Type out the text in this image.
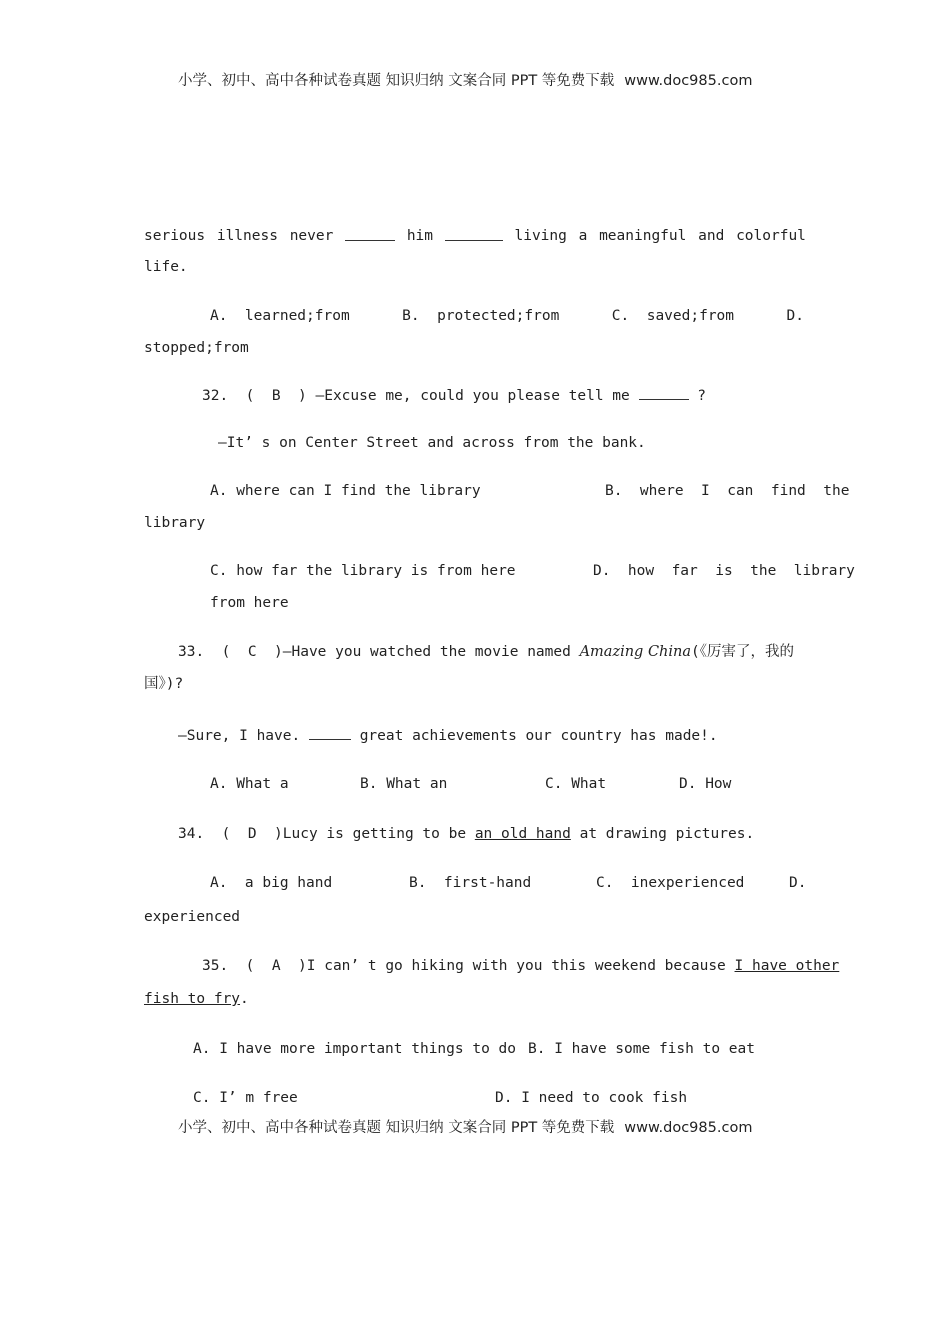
小学、初中、高中各种试卷真题 知识归纳 文案合同 PPT 等免费下载 www.doc985.com
serious illness never	him	living a meaningful and colorful
life.
A.  learned;from	B.  protected;from	C.  saved;from	D.
stopped;from
32.  (  B  ) —Excuse me, could you please tell me	?
—It’ s on Center Street and across from the bank.
A. where can I find the library	B.  where  I  can  find  the
library
C. how far the library is from here	D.  how  far  is  the  library
from here
33.  (  C  )—Have you watched the movie named Amazing China(《厉害了，我的
国》)?
—Sure, I have.	great achievements our country has made!.
A. What a	B. What an	C. What	D. How
34.  (  D  )Lucy is getting to be an old hand at drawing pictures.
A.  a big hand	B.  first-hand	C.  inexperienced	D.
experienced
35.  (  A  )I can’ t go hiking with you this weekend because I have other
fish to fry.
A. I have more important things to do B. I have some fish to eat
C. I’ m free	D. I need to cook fish
小学、初中、高中各种试卷真题 知识归纳 文案合同 PPT 等免费下载 www.doc985.com
